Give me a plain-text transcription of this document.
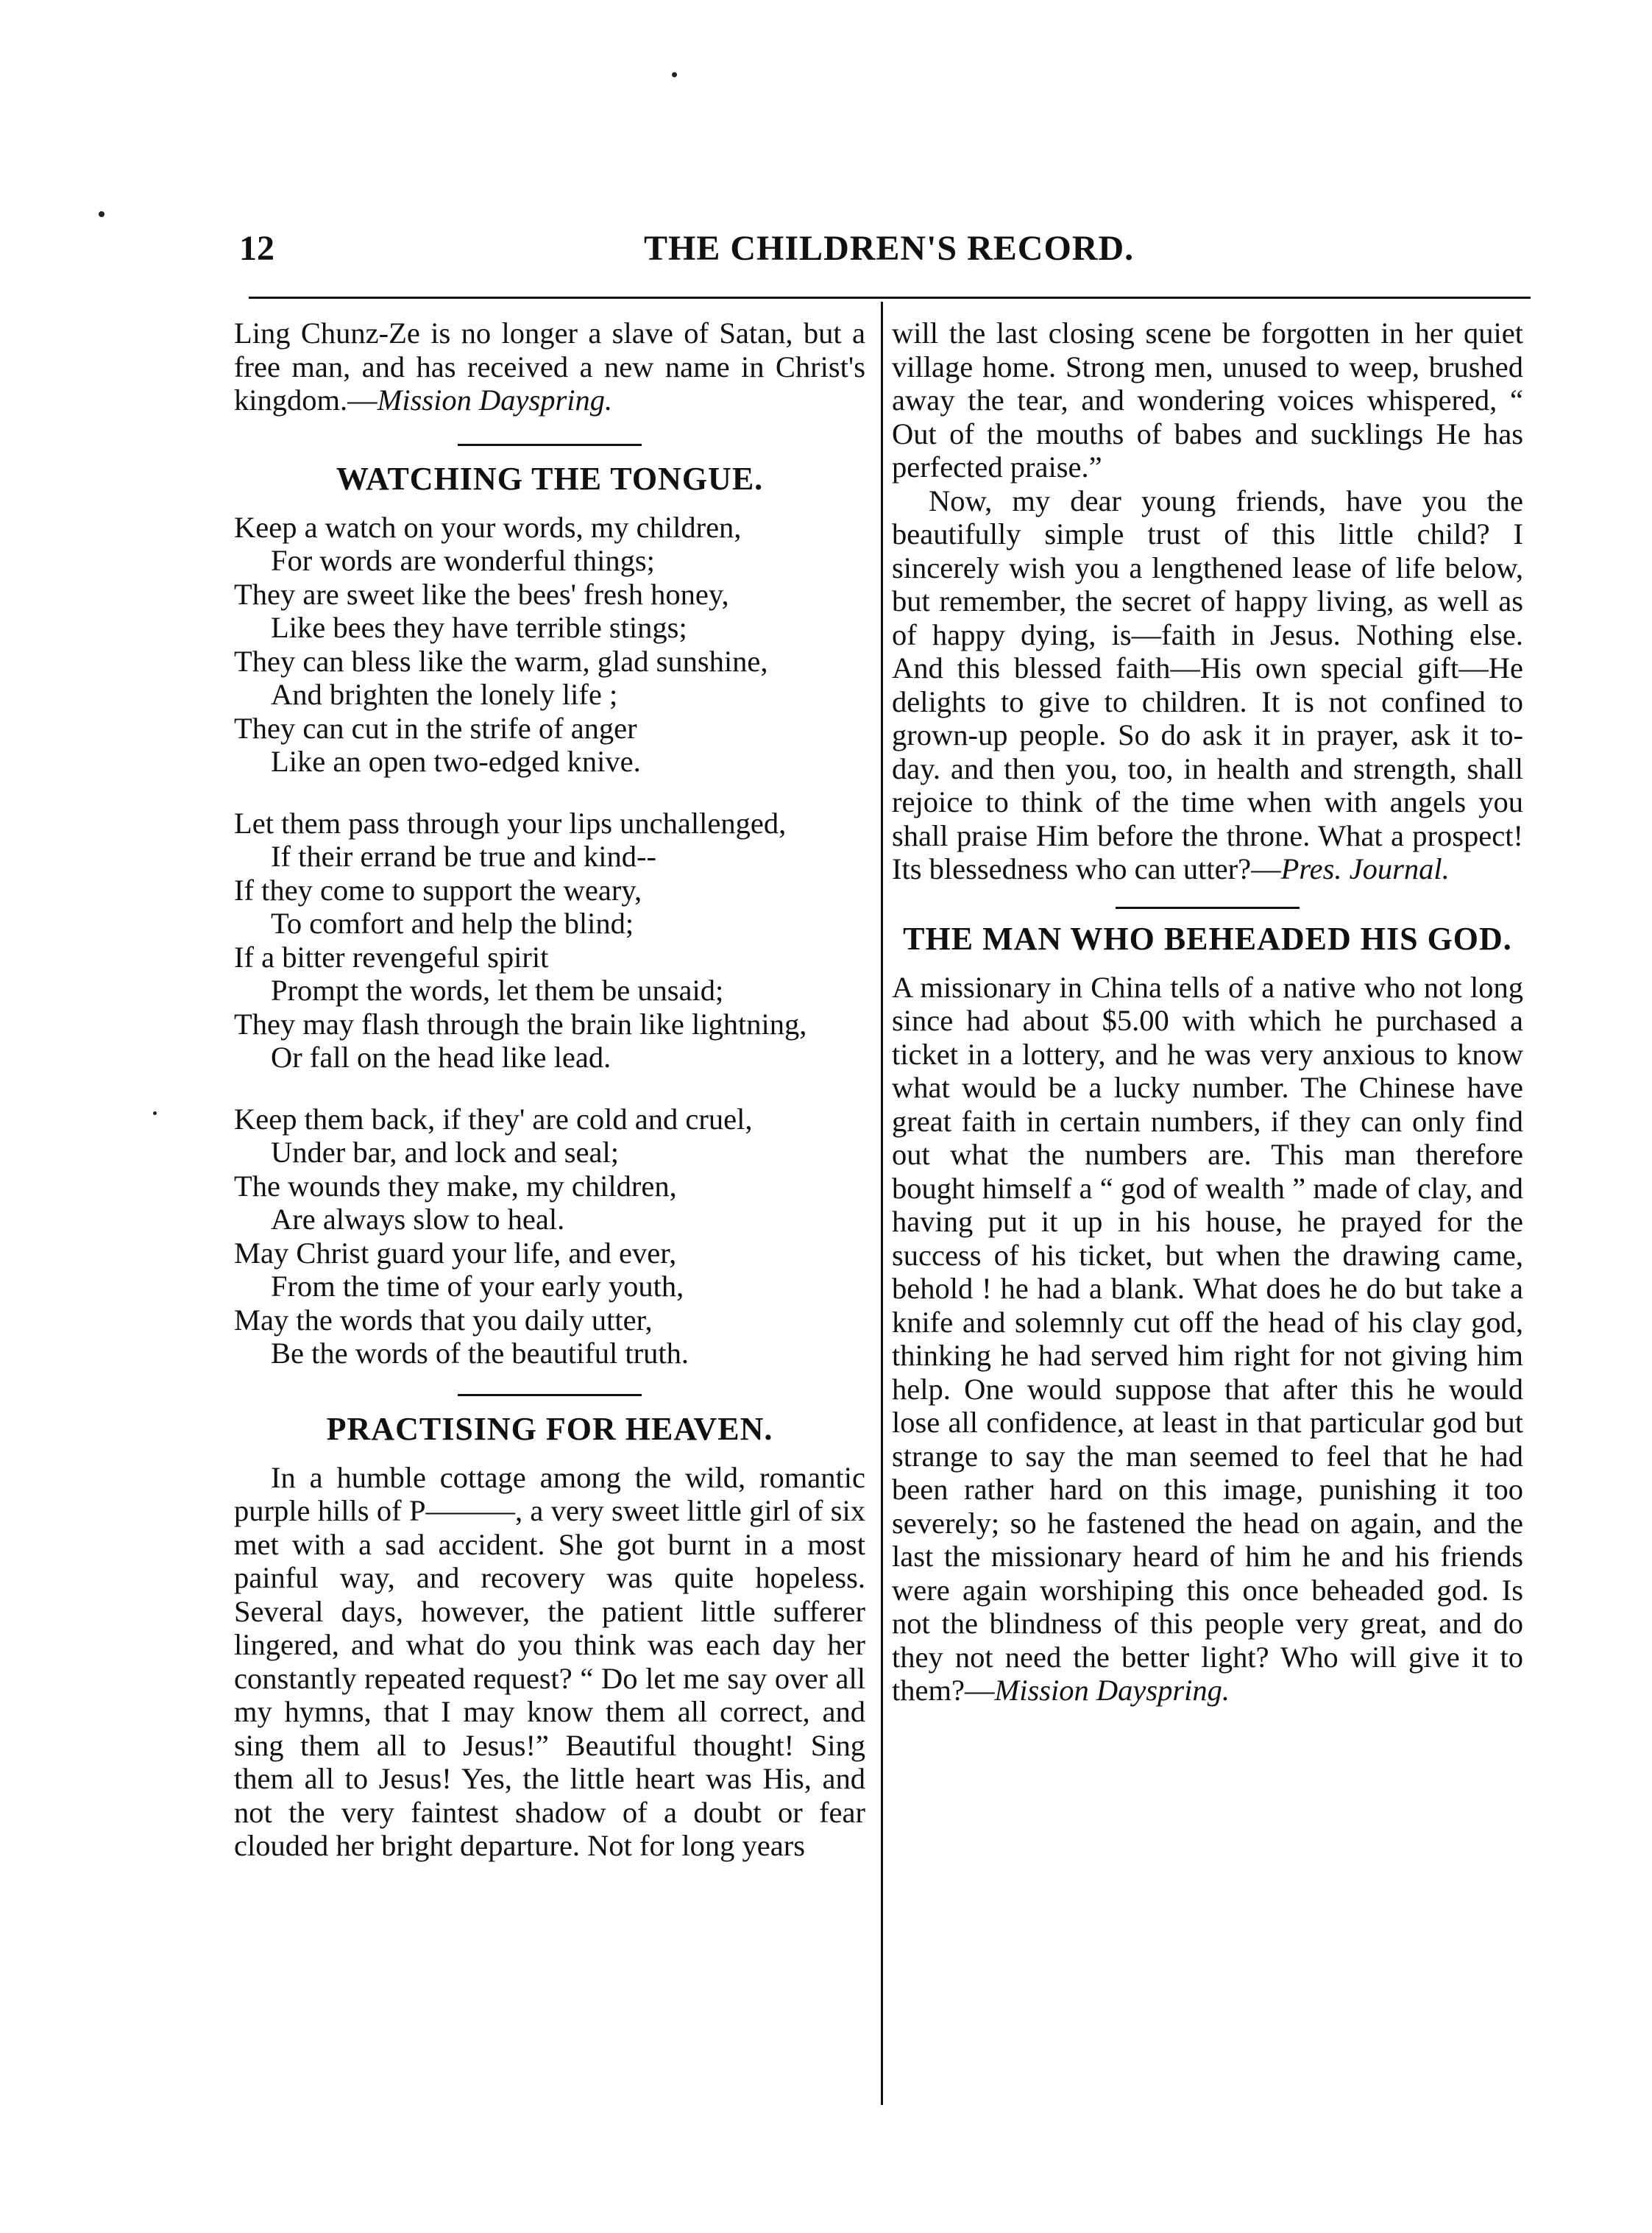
12	THE CHILDREN'S RECORD.

Ling Chunz-Ze is no longer a slave of Satan, but a free man, and has received a new name in Christ's kingdom.—Mission Dayspring.

WATCHING THE TONGUE.
Keep a watch on your words, my children,
For words are wonderful things;
They are sweet like the bees' fresh honey,
Like bees they have terrible stings;
They can bless like the warm, glad sunshine,
And brighten the lonely life ;
They can cut in the strife of anger
Like an open two-edged knive.
Let them pass through your lips unchallenged,
If their errand be true and kind--
If they come to support the weary,
To comfort and help the blind;
If a bitter revengeful spirit
Prompt the words, let them be unsaid;
They may flash through the brain like lightning,
Or fall on the head like lead.
Keep them back, if they' are cold and cruel,
Under bar, and lock and seal;
The wounds they make, my children,
Are always slow to heal.
May Christ guard your life, and ever,
From the time of your early youth,
May the words that you daily utter,
Be the words of the beautiful truth.
PRACTISING FOR HEAVEN.

In a humble cottage among the wild, romantic purple hills of P———, a very sweet little girl of six met with a sad accident. She got burnt in a most painful way, and recovery was quite hopeless. Several days, however, the patient little sufferer lingered, and what do you think was each day her constantly repeated request? “ Do let me say over all my hymns, that I may know them all correct, and sing them all to Jesus!” Beautiful thought! Sing them all to Jesus! Yes, the little heart was His, and not the very faintest shadow of a doubt or fear clouded her bright departure. Not for long years

will the last closing scene be forgotten in her quiet village home. Strong men, unused to weep, brushed away the tear, and wondering voices whispered, “ Out of the mouths of babes and sucklings He has perfected praise.”

Now, my dear young friends, have you the beautifully simple trust of this little child? I sincerely wish you a lengthened lease of life below, but remember, the secret of happy living, as well as of happy dying, is—faith in Jesus. Nothing else. And this blessed faith—His own special gift—He delights to give to children. It is not confined to grown-up people. So do ask it in prayer, ask it to-day. and then you, too, in health and strength, shall rejoice to think of the time when with angels you shall praise Him before the throne. What a prospect! Its blessedness who can utter?—Pres. Journal.

THE MAN WHO BEHEADED HIS GOD.

A missionary in China tells of a native who not long since had about $5.00 with which he purchased a ticket in a lottery, and he was very anxious to know what would be a lucky number. The Chinese have great faith in certain numbers, if they can only find out what the numbers are. This man therefore bought himself a “ god of wealth ” made of clay, and having put it up in his house, he prayed for the success of his ticket, but when the drawing came, behold ! he had a blank. What does he do but take a knife and solemnly cut off the head of his clay god, thinking he had served him right for not giving him help. One would suppose that after this he would lose all confidence, at least in that particular god but strange to say the man seemed to feel that he had been rather hard on this image, punishing it too severely; so he fastened the head on again, and the last the missionary heard of him he and his friends were again worshiping this once beheaded god. Is not the blindness of this people very great, and do they not need the better light? Who will give it to them?—Mission Dayspring.
